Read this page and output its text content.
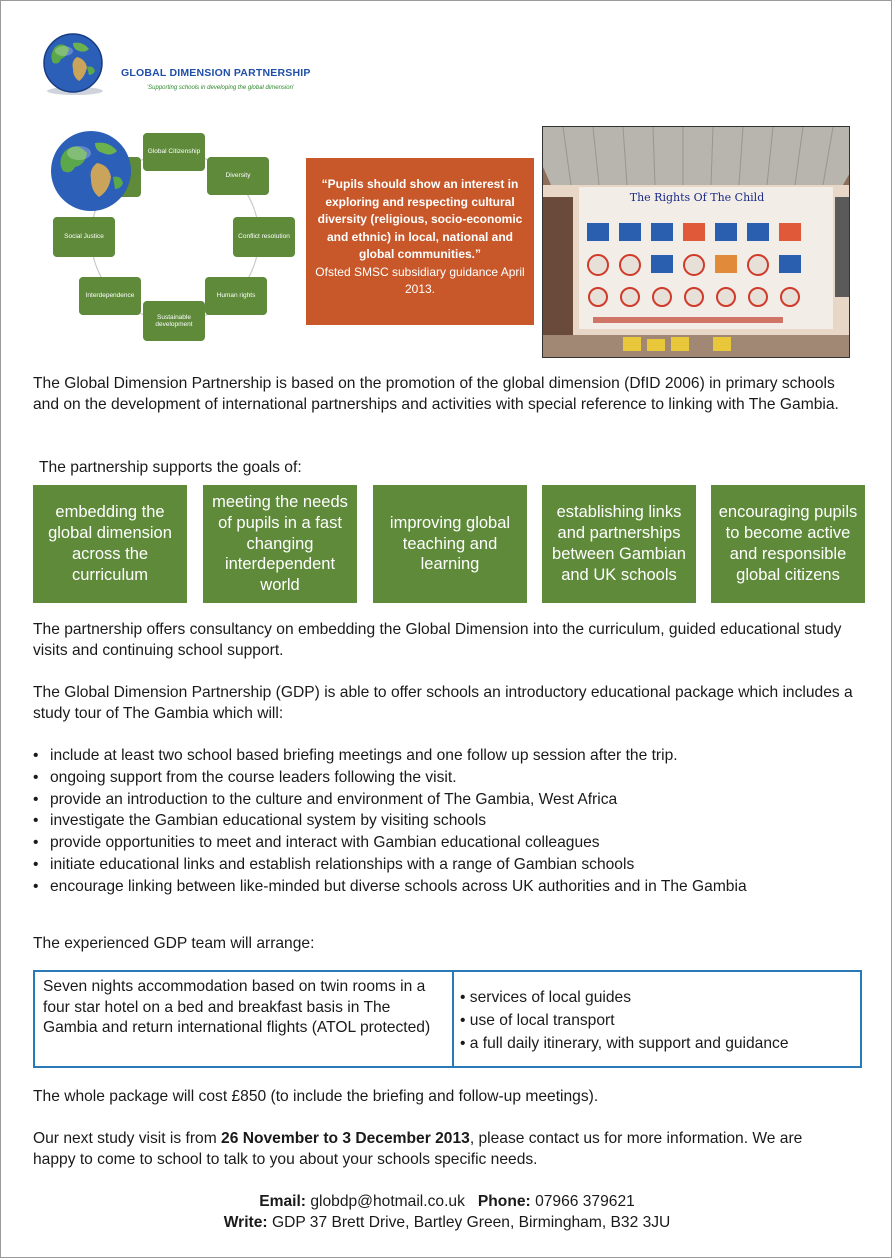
GLOBAL DIMENSION PARTNERSHIP
'Supporting schools in developing the global dimension'
Global Citizenship
Diversity
Conflict resolution
Human rights
Sustainable development
Interdependence
Social Justice
“Pupils should show an interest in exploring and respecting cultural diversity (religious, socio-economic and ethnic) in local, national and global communities.”
Ofsted SMSC subsidiary guidance April 2013.
The Rights Of The Child
The Global Dimension Partnership is based on the promotion of the global dimension (DfID 2006) in primary schools and on the development of international partnerships and activities with special reference to linking with The Gambia.
The partnership supports the goals of:
embedding the global dimension across the curriculum
meeting the needs of pupils in a fast changing interdependent world
improving global teaching and learning
establishing links and partnerships between Gambian and UK schools
encouraging pupils to become active and responsible global citizens
The partnership offers consultancy on embedding the Global Dimension into the curriculum, guided educational study visits and continuing school support.
The Global Dimension Partnership (GDP) is able to offer schools an introductory educational package which includes a study tour of The Gambia which will:
• include at least two school based briefing meetings and one follow up session after the trip.
• ongoing support from the course leaders following the visit.
• provide an introduction to the culture and environment of The Gambia, West Africa
• investigate the Gambian educational system by visiting schools
• provide opportunities to meet and interact with Gambian educational colleagues
• initiate educational links and establish relationships with a range of Gambian schools
• encourage linking between like-minded but diverse schools across UK authorities and in The Gambia
The experienced GDP team will arrange:
Seven nights accommodation based on twin rooms in a four star hotel on a bed and breakfast basis in The Gambia and return international flights (ATOL protected)
• services of local guides
• use of local transport
• a full daily itinerary, with support and guidance
The whole package will cost £850 (to include the briefing and follow-up meetings).
Our next study visit is from 26 November to 3 December 2013, please contact us for more information. We are happy to come to school to talk to you about your schools specific needs.
Email: globdp@hotmail.co.uk Phone: 07966 379621
Write: GDP 37 Brett Drive, Bartley Green, Birmingham, B32 3JU
